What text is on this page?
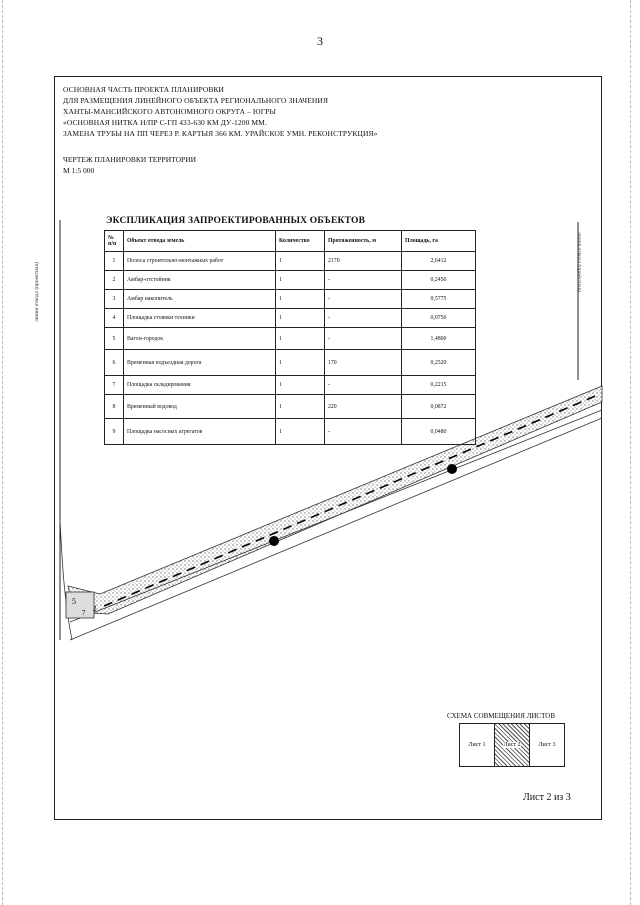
3
ОСНОВНАЯ ЧАСТЬ ПРОЕКТА ПЛАНИРОВКИ
ДЛЯ РАЗМЕЩЕНИЯ ЛИНЕЙНОГО ОБЪЕКТА РЕГИОНАЛЬНОГО ЗНАЧЕНИЯ
ХАНТЫ-МАНСИЙСКОГО АВТОНОМНОГО ОКРУГА – ЮГРЫ
«ОСНОВНАЯ НИТКА Н/ПР С-ГП 433-630 КМ ДУ-1200 ММ.
ЗАМЕНА ТРУБЫ НА ПП ЧЕРЕЗ Р. КАРТЫЯ 366 КМ. УРАЙСКОЕ УМН. РЕКОНСТРУКЦИЯ»
ЧЕРТЕЖ ПЛАНИРОВКИ ТЕРРИТОРИИ
М 1:5 000
линия отвода (проектная)
линия отвода (проектная)
5
7 1
ЭКСПЛИКАЦИЯ ЗАПРОЕКТИРОВАННЫХ ОБЪЕКТОВ
№ п/п	Объект отвода земель	Количество	Протяженность, м	Площадь, га
1	Полоса строительно-монтажных работ	1	2170	2,6412
2	Амбар-отстойник	1	-	0,2450
3	Амбар накопитель	1	-	0,5775
4	Площадка стоянки техники	1	-	0,0750
5	Вагон-городок	1	-	1,4800
6	Временная подъездная дорога	1	170	0,2520
7	Площадка складирования	1	-	0,2215
8	Временный водовод	1	220	0,0872
9	Площадка насосных агрегатов	1	-	0,0480
СХЕМА СОВМЕЩЕНИЯ ЛИСТОВ
Лист 1	Лист 2	Лист 3
Лист 2 из 3
